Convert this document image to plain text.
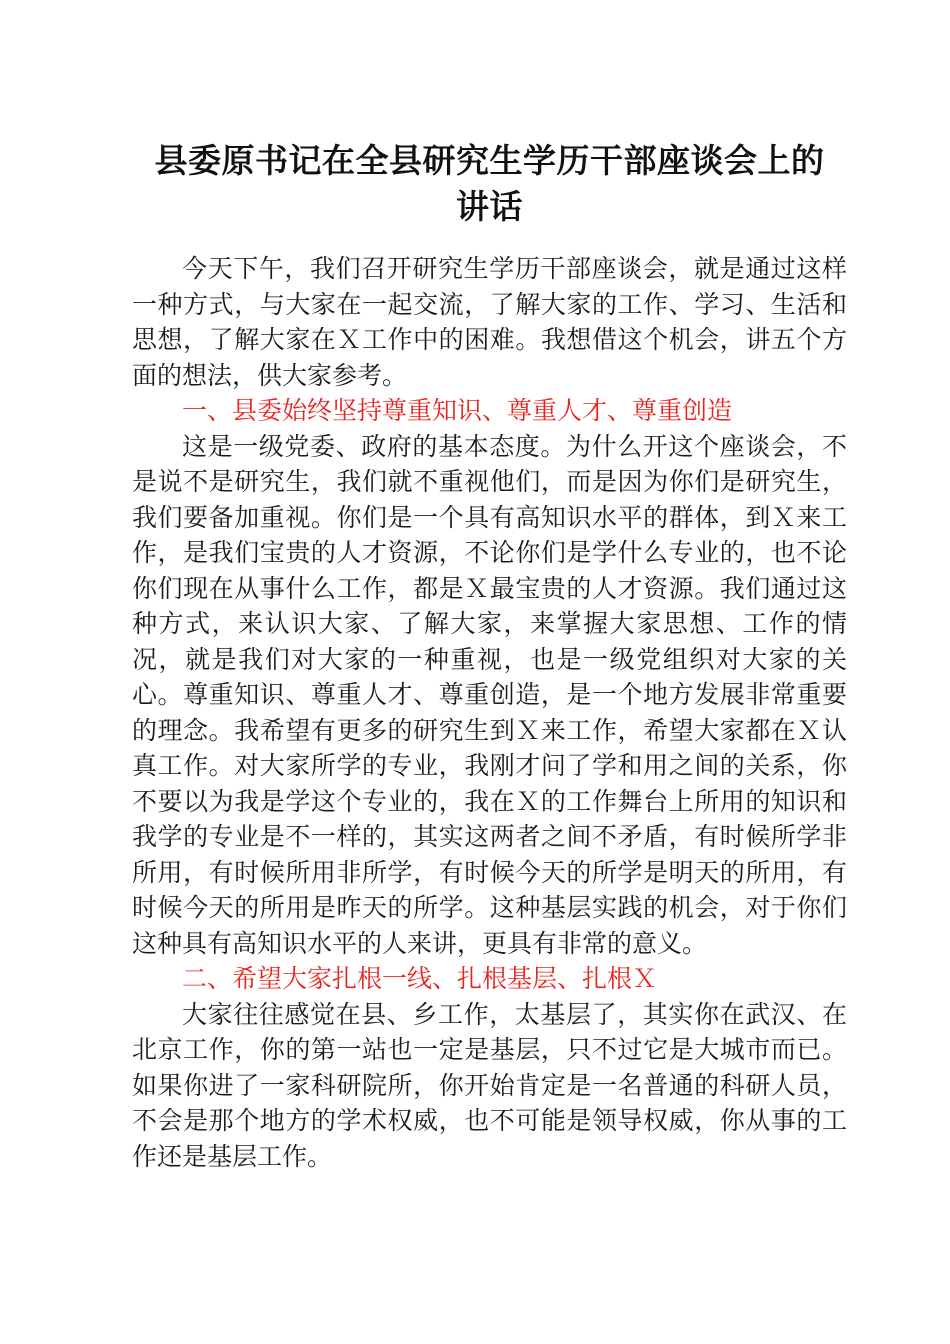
县委原书记在全县研究生学历干部座谈会上的
讲话

今天下午，我们召开研究生学历干部座谈会，就是通过这样一种方式，与大家在一起交流，了解大家的工作、学习、生活和思想，了解大家在Ｘ工作中的困难。我想借这个机会，讲五个方面的想法，供大家参考。

一、县委始终坚持尊重知识、尊重人才、尊重创造

这是一级党委、政府的基本态度。为什么开这个座谈会，不是说不是研究生，我们就不重视他们，而是因为你们是研究生，我们要备加重视。你们是一个具有高知识水平的群体，到Ｘ来工作，是我们宝贵的人才资源，不论你们是学什么专业的，也不论你们现在从事什么工作，都是Ｘ最宝贵的人才资源。我们通过这种方式，来认识大家、了解大家，来掌握大家思想、工作的情况，就是我们对大家的一种重视，也是一级党组织对大家的关心。尊重知识、尊重人才、尊重创造，是一个地方发展非常重要的理念。我希望有更多的研究生到Ｘ来工作，希望大家都在Ｘ认真工作。对大家所学的专业，我刚才问了学和用之间的关系，你不要以为我是学这个专业的，我在Ｘ的工作舞台上所用的知识和我学的专业是不一样的，其实这两者之间不矛盾，有时候所学非所用，有时候所用非所学，有时候今天的所学是明天的所用，有时候今天的所用是昨天的所学。这种基层实践的机会，对于你们这种具有高知识水平的人来讲，更具有非常的意义。

二、希望大家扎根一线、扎根基层、扎根Ｘ

大家往往感觉在县、乡工作，太基层了，其实你在武汉、在北京工作，你的第一站也一定是基层，只不过它是大城市而已。如果你进了一家科研院所，你开始肯定是一名普通的科研人员，不会是那个地方的学术权威，也不可能是领导权威，你从事的工作还是基层工作。
